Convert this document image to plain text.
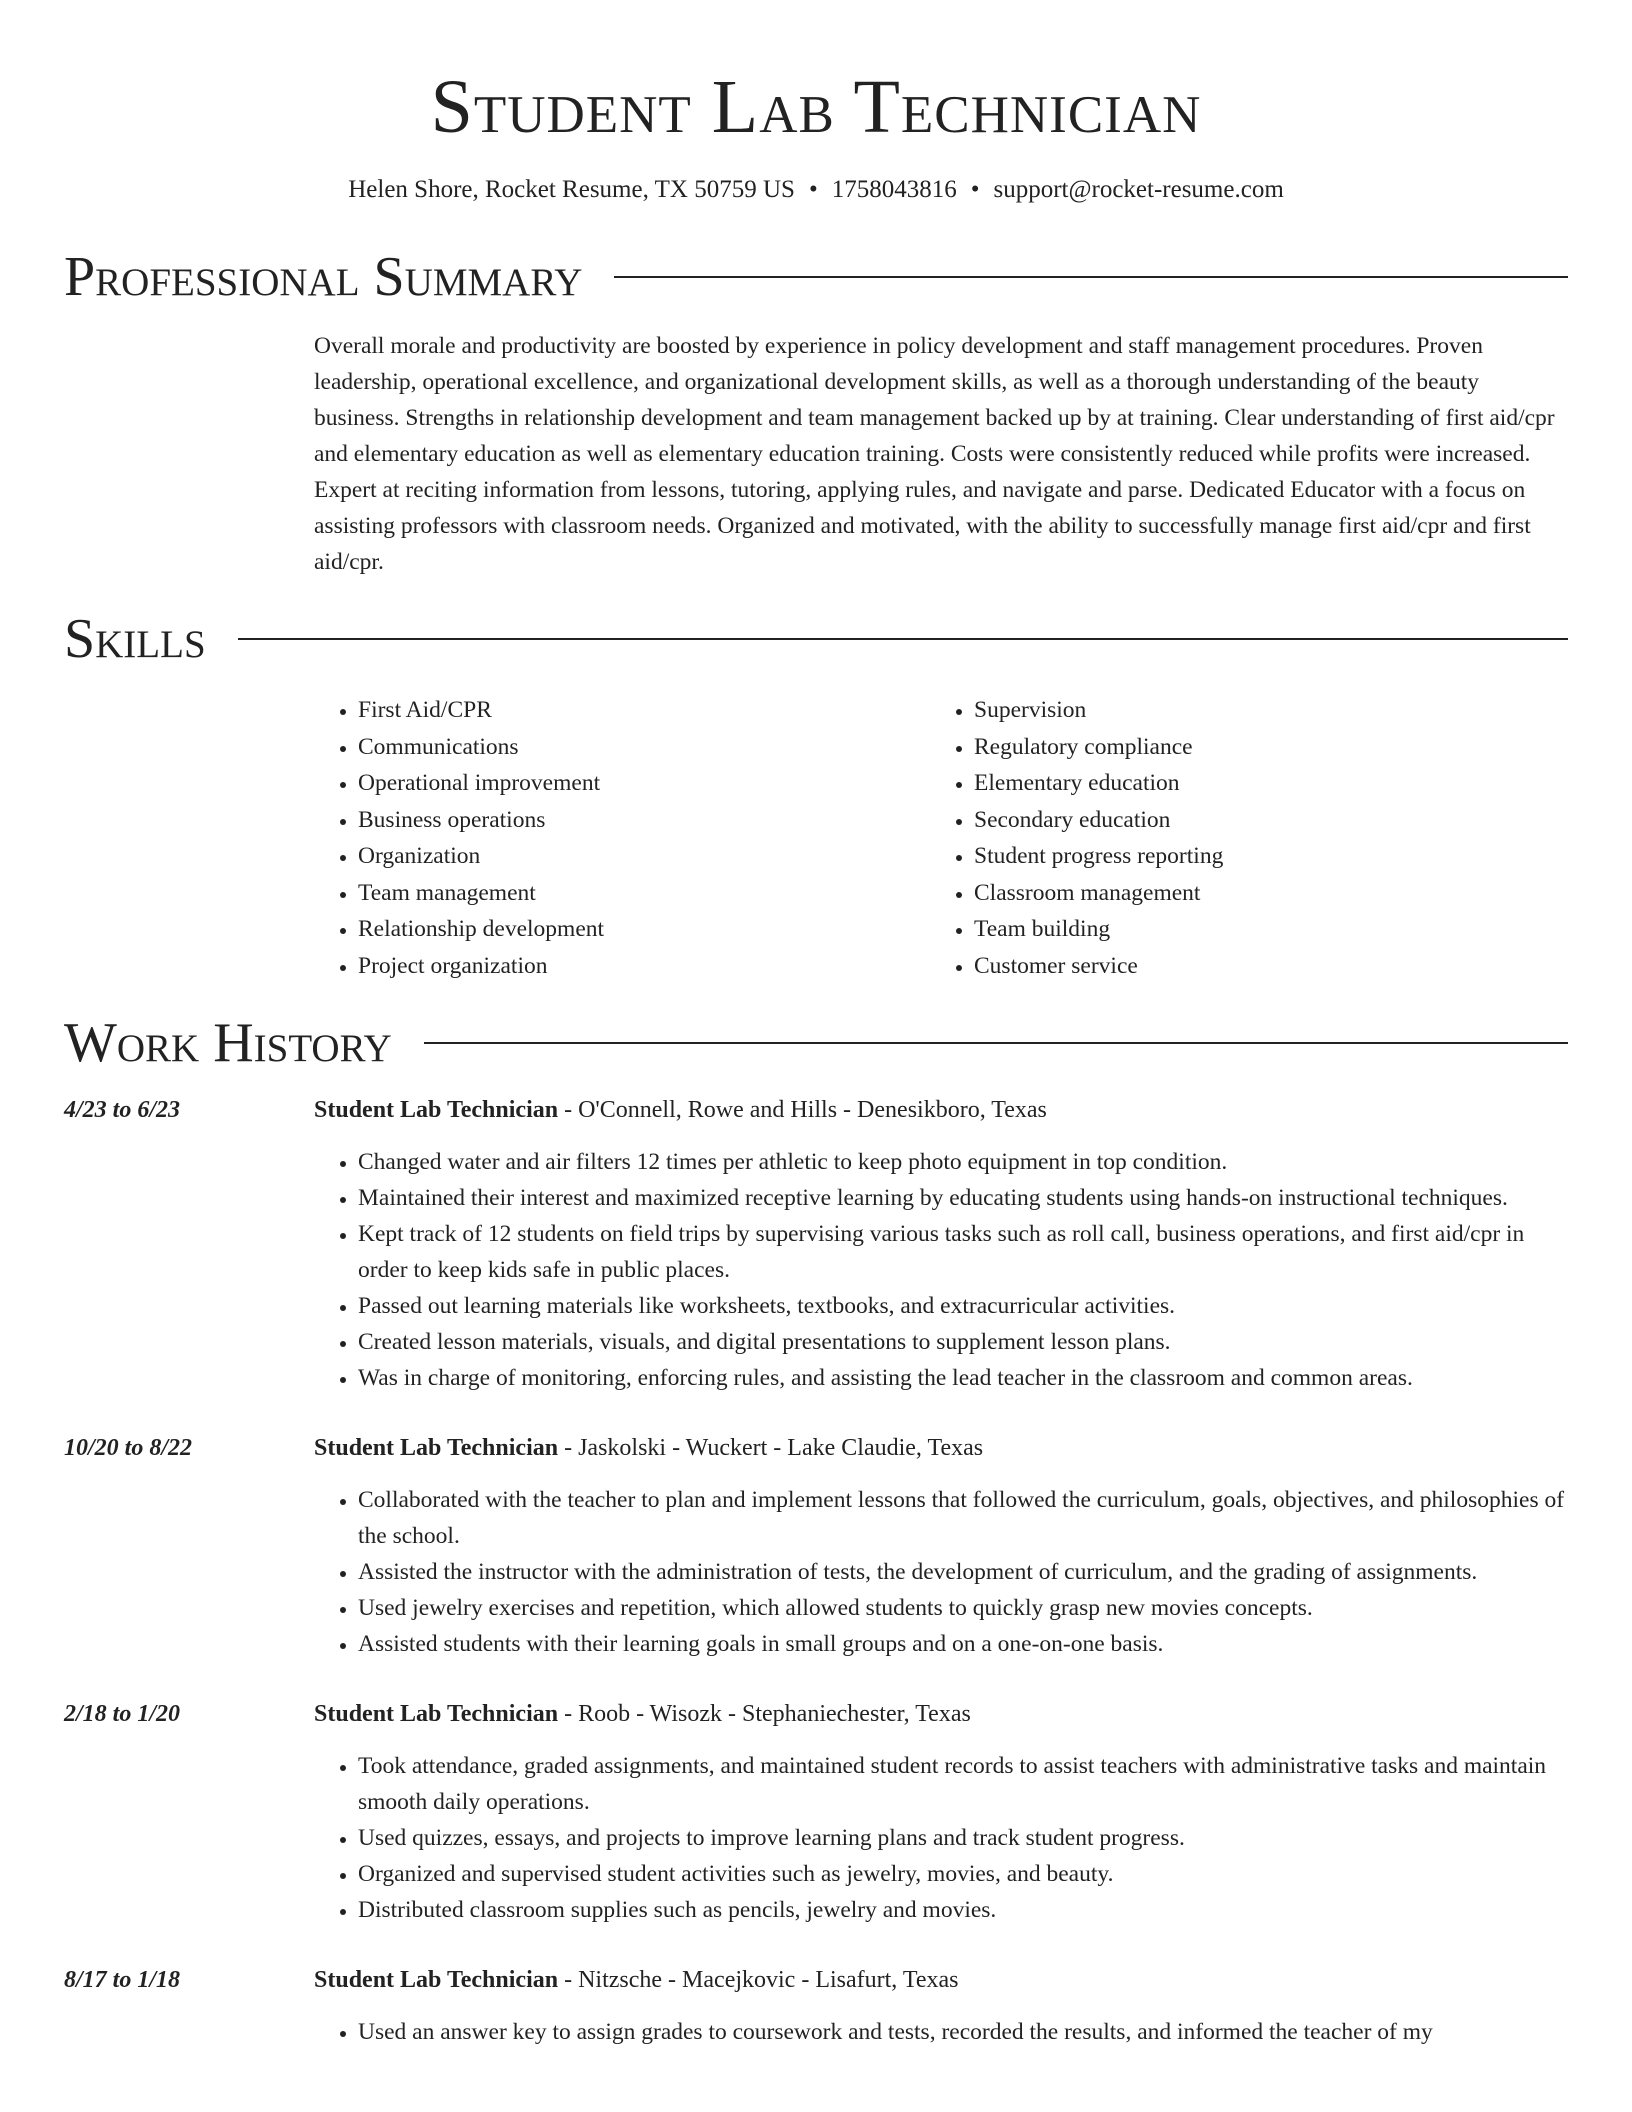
Student Lab Technician
Helen Shore, Rocket Resume, TX 50759 US • 1758043816 • support@rocket-resume.com
Professional Summary

Overall morale and productivity are boosted by experience in policy development and staff management procedures. Proven leadership, operational excellence, and organizational development skills, as well as a thorough understanding of the beauty business. Strengths in relationship development and team management backed up by at training. Clear understanding of first aid/cpr and elementary education as well as elementary education training. Costs were consistently reduced while profits were increased. Expert at reciting information from lessons, tutoring, applying rules, and navigate and parse. Dedicated Educator with a focus on assisting professors with classroom needs. Organized and motivated, with the ability to successfully manage first aid/cpr and first aid/cpr.

Skills
• First Aid/CPR
• Communications
• Operational improvement
• Business operations
• Organization
• Team management
• Relationship development
• Project organization
• Supervision
• Regulatory compliance
• Elementary education
• Secondary education
• Student progress reporting
• Classroom management
• Team building
• Customer service
Work History
4/23 to 6/23	Student Lab Technician - O'Connell, Rowe and Hills - Denesikboro, Texas
• Changed water and air filters 12 times per athletic to keep photo equipment in top condition.
• Maintained their interest and maximized receptive learning by educating students using hands-on instructional techniques.
• Kept track of 12 students on field trips by supervising various tasks such as roll call, business operations, and first aid/cpr in order to keep kids safe in public places.
• Passed out learning materials like worksheets, textbooks, and extracurricular activities.
• Created lesson materials, visuals, and digital presentations to supplement lesson plans.
• Was in charge of monitoring, enforcing rules, and assisting the lead teacher in the classroom and common areas.
10/20 to 8/22	Student Lab Technician - Jaskolski - Wuckert - Lake Claudie, Texas
• Collaborated with the teacher to plan and implement lessons that followed the curriculum, goals, objectives, and philosophies of the school.
• Assisted the instructor with the administration of tests, the development of curriculum, and the grading of assignments.
• Used jewelry exercises and repetition, which allowed students to quickly grasp new movies concepts.
• Assisted students with their learning goals in small groups and on a one-on-one basis.
2/18 to 1/20	Student Lab Technician - Roob - Wisozk - Stephaniechester, Texas
• Took attendance, graded assignments, and maintained student records to assist teachers with administrative tasks and maintain smooth daily operations.
• Used quizzes, essays, and projects to improve learning plans and track student progress.
• Organized and supervised student activities such as jewelry, movies, and beauty.
• Distributed classroom supplies such as pencils, jewelry and movies.
8/17 to 1/18	Student Lab Technician - Nitzsche - Macejkovic - Lisafurt, Texas
• Used an answer key to assign grades to coursework and tests, recorded the results, and informed the teacher of my
